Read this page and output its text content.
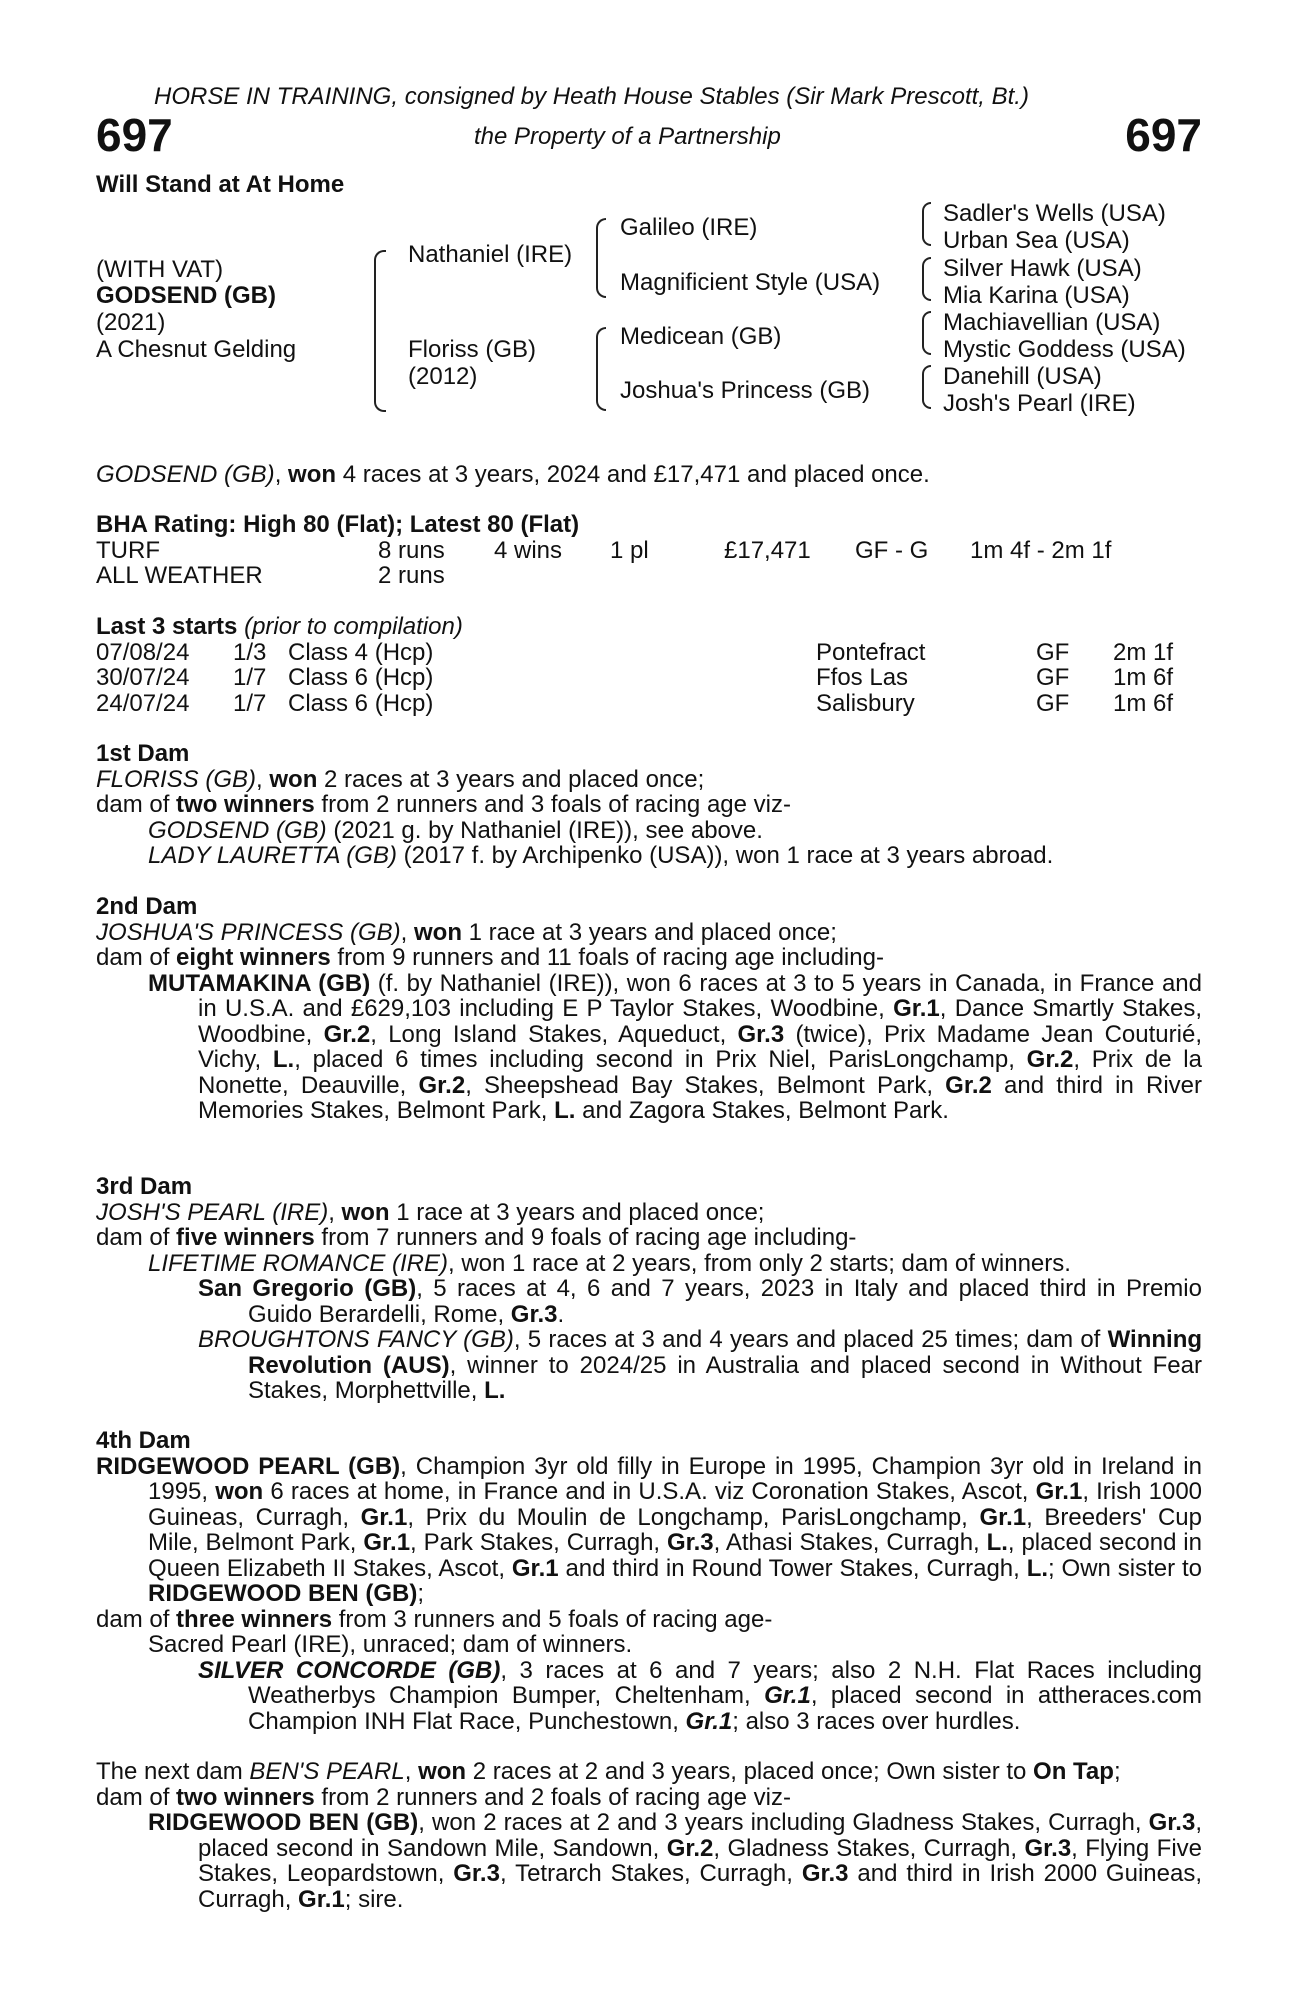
HORSE IN TRAINING, consigned by Heath House Stables (Sir Mark Prescott, Bt.)
697	697
the Property of a Partnership
Will Stand at At Home
(WITH VAT)
GODSEND (GB)
(2021)
A Chesnut Gelding
Nathaniel (IRE)
Floriss (GB)
(2012)
Galileo (IRE)
Magnificient Style (USA)
Medicean (GB)
Joshua's Princess (GB)
Sadler's Wells (USA)
Urban Sea (USA)
Silver Hawk (USA)
Mia Karina (USA)
Machiavellian (USA)
Mystic Goddess (USA)
Danehill (USA)
Josh's Pearl (IRE)
GODSEND (GB), won 4 races at 3 years, 2024 and £17,471 and placed once.

BHA Rating: High 80 (Flat); Latest 80 (Flat)

TURF	8 runs 4 wins 1 pl	£17,471 GF - G 1m 4f - 2m 1f
ALL WEATHER	2 runs

Last 3 starts (prior to compilation)

07/08/24 1/3 Class 4 (Hcp)	Pontefract	GF 2m 1f
30/07/24 1/7 Class 6 (Hcp)	Ffos Las	GF 1m 6f
24/07/24 1/7 Class 6 (Hcp)	Salisbury	GF 1m 6f

1st Dam

FLORISS (GB), won 2 races at 3 years and placed once;

dam of two winners from 2 runners and 3 foals of racing age viz-

GODSEND (GB) (2021 g. by Nathaniel (IRE)), see above.

LADY LAURETTA (GB) (2017 f. by Archipenko (USA)), won 1 race at 3 years abroad.

2nd Dam

JOSHUA'S PRINCESS (GB), won 1 race at 3 years and placed once;

dam of eight winners from 9 runners and 11 foals of racing age including-

MUTAMAKINA (GB) (f. by Nathaniel (IRE)), won 6 races at 3 to 5 years in Canada, in France and in U.S.A. and £629,103 including E P Taylor Stakes, Woodbine, Gr.1, Dance Smartly Stakes, Woodbine, Gr.2, Long Island Stakes, Aqueduct, Gr.3 (twice), Prix Madame Jean Couturié, Vichy, L., placed 6 times including second in Prix Niel, ParisLongchamp, Gr.2, Prix de la Nonette, Deauville, Gr.2, Sheepshead Bay Stakes, Belmont Park, Gr.2 and third in River Memories Stakes, Belmont Park, L. and Zagora Stakes, Belmont Park.

3rd Dam

JOSH'S PEARL (IRE), won 1 race at 3 years and placed once;

dam of five winners from 7 runners and 9 foals of racing age including-

LIFETIME ROMANCE (IRE), won 1 race at 2 years, from only 2 starts; dam of winners.

San Gregorio (GB), 5 races at 4, 6 and 7 years, 2023 in Italy and placed third in Premio Guido Berardelli, Rome, Gr.3.

BROUGHTONS FANCY (GB), 5 races at 3 and 4 years and placed 25 times; dam of Winning Revolution (AUS), winner to 2024/25 in Australia and placed second in Without Fear Stakes, Morphettville, L.

4th Dam

RIDGEWOOD PEARL (GB), Champion 3yr old filly in Europe in 1995, Champion 3yr old in Ireland in 1995, won 6 races at home, in France and in U.S.A. viz Coronation Stakes, Ascot, Gr.1, Irish 1000 Guineas, Curragh, Gr.1, Prix du Moulin de Longchamp, ParisLongchamp, Gr.1, Breeders' Cup Mile, Belmont Park, Gr.1, Park Stakes, Curragh, Gr.3, Athasi Stakes, Curragh, L., placed second in Queen Elizabeth II Stakes, Ascot, Gr.1 and third in Round Tower Stakes, Curragh, L.; Own sister to RIDGEWOOD BEN (GB);

dam of three winners from 3 runners and 5 foals of racing age-

Sacred Pearl (IRE), unraced; dam of winners.

SILVER CONCORDE (GB), 3 races at 6 and 7 years; also 2 N.H. Flat Races including Weatherbys Champion Bumper, Cheltenham, Gr.1, placed second in attheraces.com Champion INH Flat Race, Punchestown, Gr.1; also 3 races over hurdles.

The next dam BEN'S PEARL, won 2 races at 2 and 3 years, placed once; Own sister to On Tap;

dam of two winners from 2 runners and 2 foals of racing age viz-

RIDGEWOOD BEN (GB), won 2 races at 2 and 3 years including Gladness Stakes, Curragh, Gr.3, placed second in Sandown Mile, Sandown, Gr.2, Gladness Stakes, Curragh, Gr.3, Flying Five Stakes, Leopardstown, Gr.3, Tetrarch Stakes, Curragh, Gr.3 and third in Irish 2000 Guineas, Curragh, Gr.1; sire.
